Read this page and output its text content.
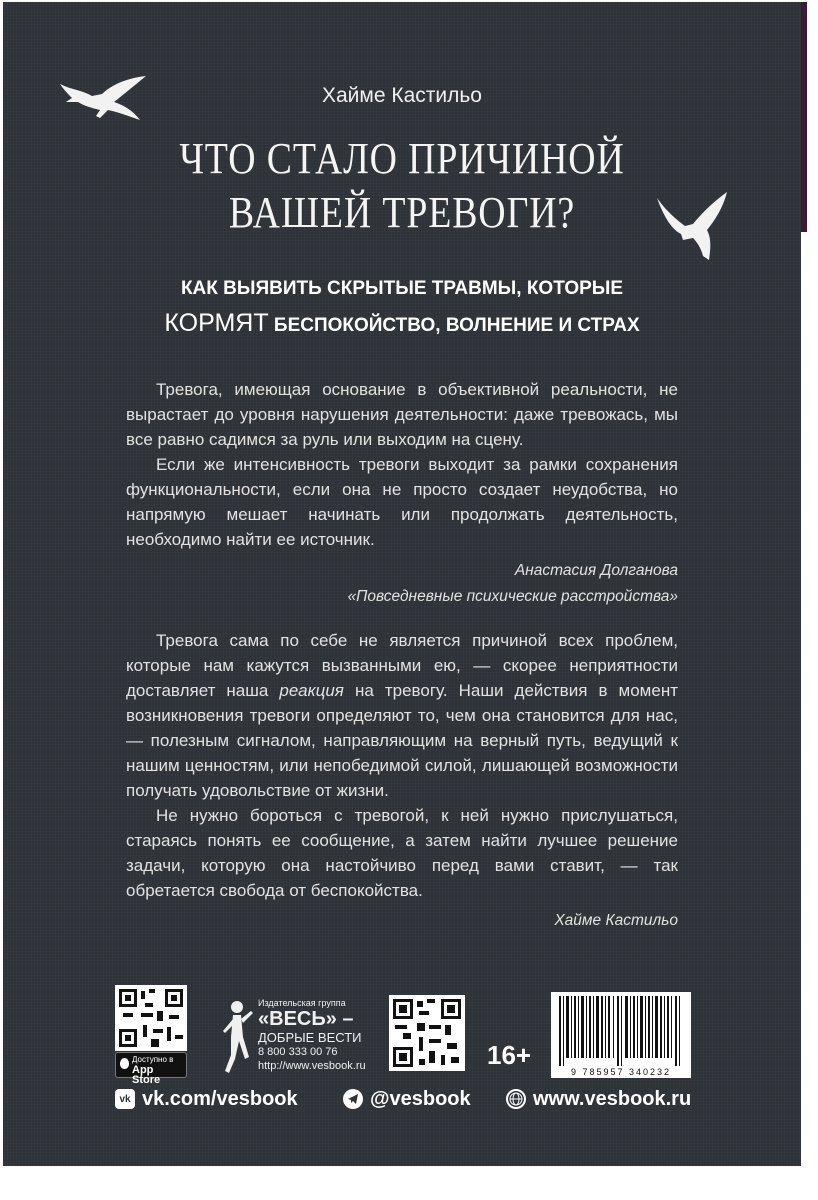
Хайме Кастильо
ЧТО СТАЛО ПРИЧИНОЙ
ВАШЕЙ ТРЕВОГИ?
КАК ВЫЯВИТЬ СКРЫТЫЕ ТРАВМЫ, КОТОРЫЕ
КОРМЯТ БЕСПОКОЙСТВО, ВОЛНЕНИЕ И СТРАХ

Тревога, имеющая основание в объективной реальности, не вырастает до уровня нарушения деятельности: даже тревожась, мы все равно садимся за руль или выходим на сцену.

Если же интенсивность тревоги выходит за рамки сохранения функциональности, если она не просто создает неудобства, но напрямую мешает начинать или продолжать деятельность, необходимо найти ее источник.

Анастасия Долганова
«Повседневные психические расстройства»

Тревога сама по себе не является причиной всех проблем, которые нам кажутся вызванными ею, — скорее неприятности доставляет наша реакция на тревогу. Наши действия в момент возникновения тревоги определяют то, чем она становится для нас, — полезным сигналом, направляющим на верный путь, ведущий к нашим ценностям, или непобедимой силой, лишающей возможности получать удовольствие от жизни.

Не нужно бороться с тревогой, к ней нужно прислушаться, стараясь понять ее сообщение, а затем найти лучшее решение задачи, которую она настойчиво перед вами ставит, — так обретается свобода от беспокойства.

Хайме Кастильо
Доступно в
App Store
Издательская группа
«ВЕСЬ» –
ДОБРЫЕ ВЕСТИ
8 800 333 00 76
http://www.vesbook.ru	16+
9 785957 340232
vk vk.com/vesbook	@vesbook	www.vesbook.ru
